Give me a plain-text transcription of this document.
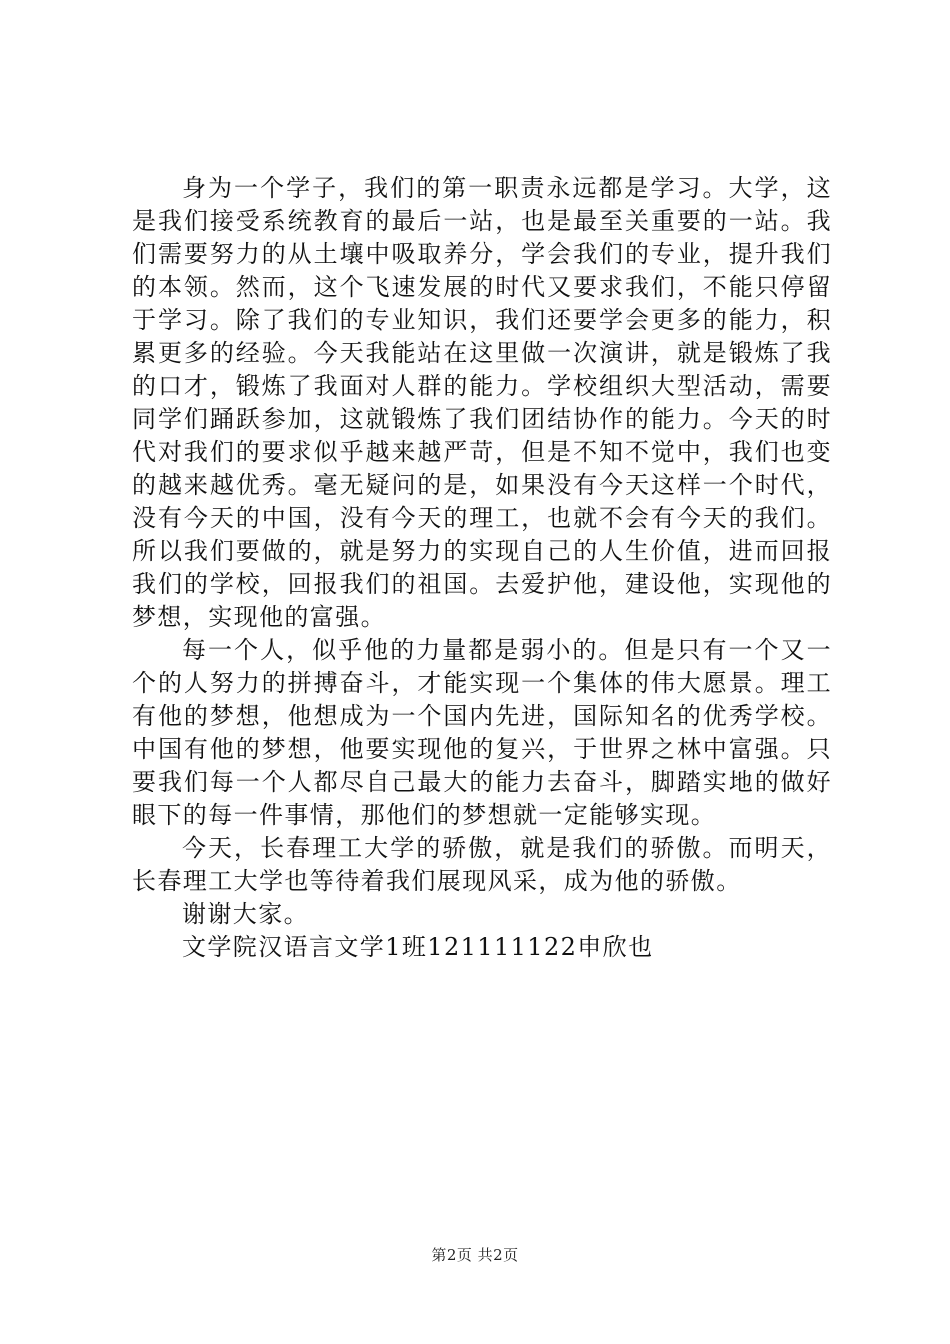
身为一个学子，我们的第一职责永远都是学习。大学，这是我们接受系统教育的最后一站，也是最至关重要的一站。我们需要努力的从土壤中吸取养分，学会我们的专业，提升我们的本领。然而，这个飞速发展的时代又要求我们，不能只停留于学习。除了我们的专业知识，我们还要学会更多的能力，积累更多的经验。今天我能站在这里做一次演讲，就是锻炼了我的口才，锻炼了我面对人群的能力。学校组织大型活动，需要同学们踊跃参加，这就锻炼了我们团结协作的能力。今天的时代对我们的要求似乎越来越严苛，但是不知不觉中，我们也变的越来越优秀。毫无疑问的是，如果没有今天这样一个时代，没有今天的中国，没有今天的理工，也就不会有今天的我们。所以我们要做的，就是努力的实现自己的人生价值，进而回报我们的学校，回报我们的祖国。去爱护他，建设他，实现他的梦想，实现他的富强。

每一个人，似乎他的力量都是弱小的。但是只有一个又一个的人努力的拼搏奋斗，才能实现一个集体的伟大愿景。理工有他的梦想，他想成为一个国内先进，国际知名的优秀学校。中国有他的梦想，他要实现他的复兴，于世界之林中富强。只要我们每一个人都尽自己最大的能力去奋斗，脚踏实地的做好眼下的每一件事情，那他们的梦想就一定能够实现。

今天，长春理工大学的骄傲，就是我们的骄傲。而明天，长春理工大学也等待着我们展现风采，成为他的骄傲。

谢谢大家。

文学院汉语言文学1班121111122申欣也

第2页 共2页
